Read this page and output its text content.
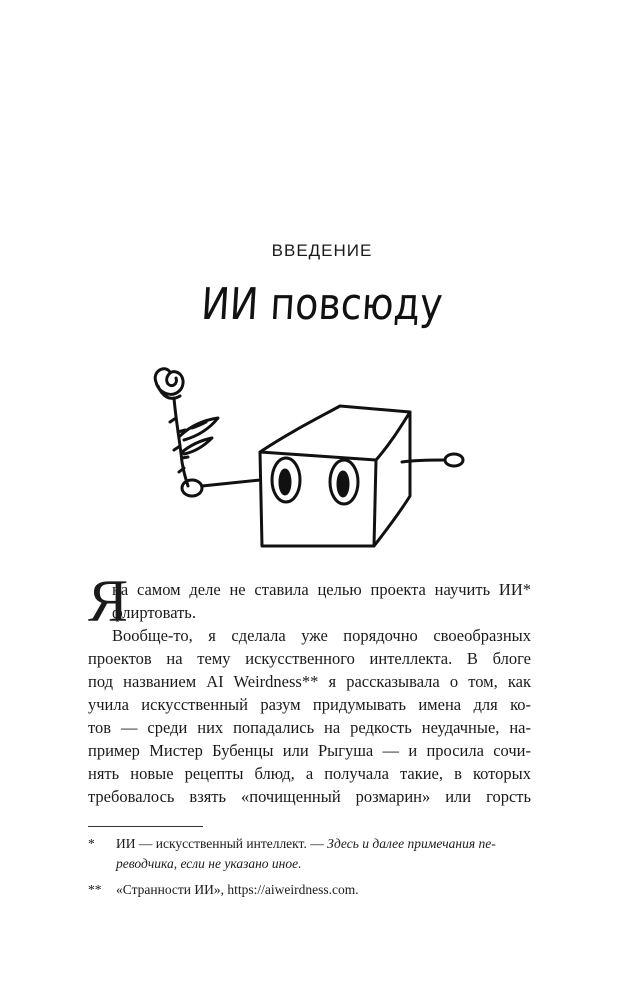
ВВЕДЕНИЕ
ИИ повсюду
Я
на самом деле не ставила целью проекта научить ИИ*
флиртовать.
Вообще-то, я сделала уже порядочно своеобразных
проектов на тему искусственного интеллекта. В блоге
под названием AI Weirdness** я рассказывала о том, как
учила искусственный разум придумывать имена для ко-
тов — среди них попадались на редкость неудачные, на-
пример Мистер Бубенцы или Рыгуша — и просила сочи-
нять новые рецепты блюд, а получала такие, в которых
требовалось взять «почищенный розмарин» или горсть
* ИИ — искусственный интеллект. — Здесь и далее примечания пе-реводчика, если не указано иное.
** «Странности ИИ», https://aiweirdness.com.
